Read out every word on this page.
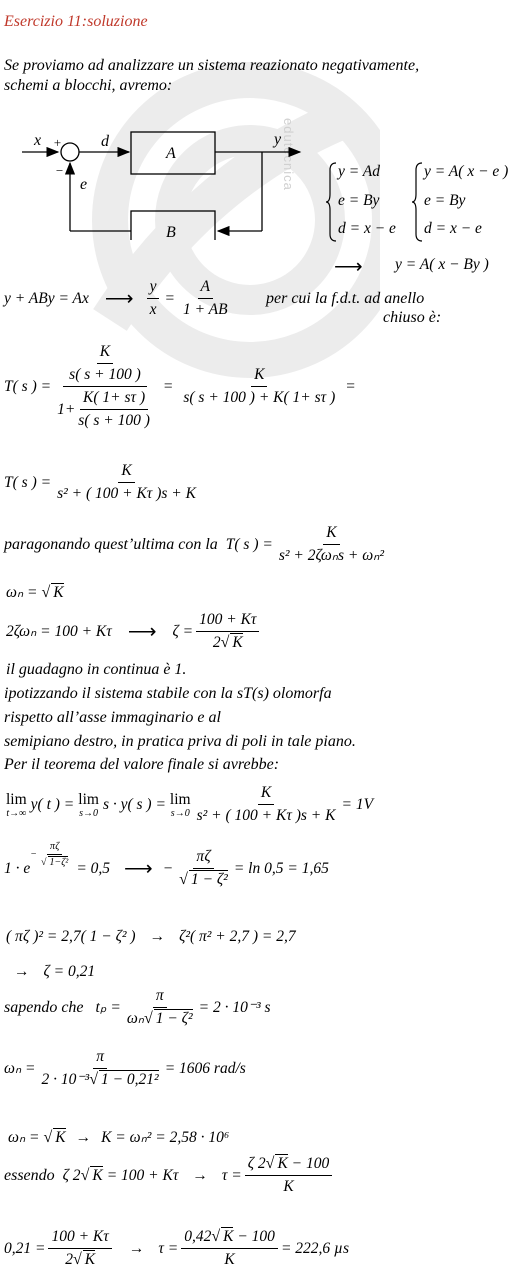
edutecnica
Esercizio 11:soluzione
Se proviamo ad analizzare un sistema reazionato negativamente,
schemi a blocchi, avremo:
x +
−
d
A
y
e
B
y = Ad
e = By
d = x − e
y = A( x − e )
e = By
d = x − e
⟶ y = A( x − By )
y + ABy = Ax ⟶ $\frac{y}{x} = \frac{A}{1 + AB}$ per cui la f.d.t. ad anello
chiuso è:
T( s ) = $\frac{\frac{K}{s( s + 100 )}}{1+ \frac{K( 1+ s\tau )}{s( s + 100 )}} = \frac{K}{s( s + 100 ) + K( 1+ s\tau )}$ =
T( s ) = $\frac{K}{\text{s² + ( 100 + Kτ )s + K}}$
paragonando quest’ultima con la T( s ) = $\frac{K}{\text{s² + 2ζωₙs + ωₙ²}}$
ωₙ = √ K
2ζωₙ = 100 + Kτ ⟶ $\zeta = \frac{100 + K\tau}{2√ K}$
il guadagno in continua è 1.
ipotizzando il sistema stabile con la sT(s) olomorfa
rispetto all’asse immaginario e al
semipiano destro, in pratica priva di poli in tale piano.
Per il teorema del valore finale si avrebbe:
lim
t→∞
y( t ) = lim
s→0
s · y( s ) = lim
$s\to 0 \frac{K}{\text{s² + ( 100 + Kτ )s + K}} = 1V$
1 · e
− $\frac{\pi\zeta}{\text{√ 1−ζ²}} = 0,5$ ⟶ − $\frac{\pi\zeta}{\text{√ 1 − ζ²}} = \ln 0,5 = 1,65$
( πζ )² = 2,7( 1 − ζ² ) → ζ²( π² + 2,7 ) = 2,7
→ ζ = 0,21
sapendo che $t_p = \frac{\pi}{\text{ωₙ√ 1 − ζ²}} = 2 \cdot 10^{-3}$ s
$\omega_n = \frac{\pi}{\text{2 · 10⁻³√ 1 − 0,21²}} = 1606$ rad/s
ωₙ = √ K → K = ωₙ² = 2,58 · 10⁶
essendo ζ 2 √ $K = 100 + K\tau \to \tau = \frac{\zeta 2√ K - 100}{K}$
$0,21 = \frac{100 + K\tau}{2√ K} \to \tau = \frac{0,42√ K - 100}{K} = 222,6$ µs
